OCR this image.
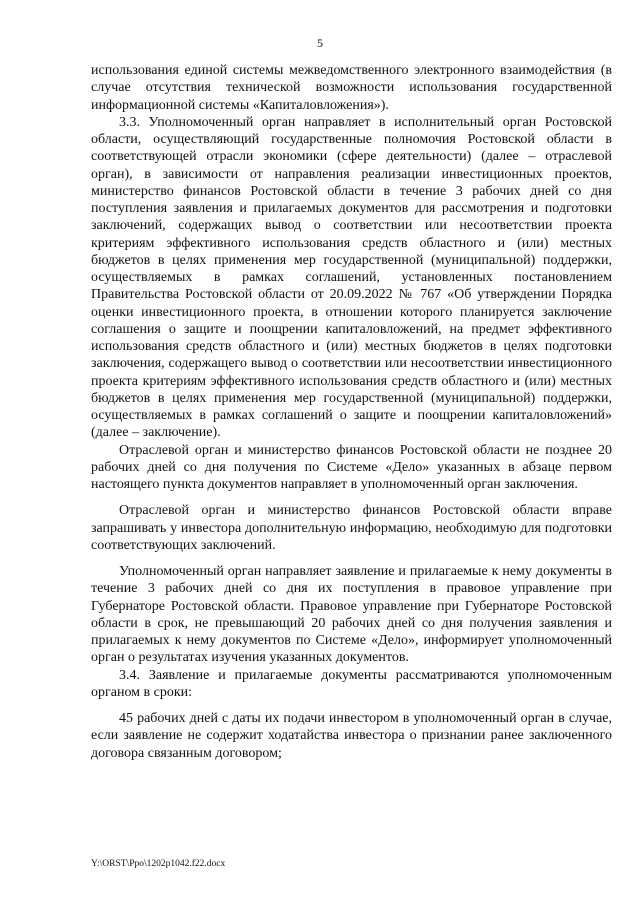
5

использования единой системы межведомственного электронного взаимодействия (в случае отсутствия технической возможности использования государственной информационной системы «Капиталовложения»).

3.3. Уполномоченный орган направляет в исполнительный орган Ростовской области, осуществляющий государственные полномочия Ростовской области в соответствующей отрасли экономики (сфере деятельности) (далее – отраслевой орган), в зависимости от направления реализации инвестиционных проектов, министерство финансов Ростовской области в течение 3 рабочих дней со дня поступления заявления и прилагаемых документов для рассмотрения и подготовки заключений, содержащих вывод о соответствии или несоответствии проекта критериям эффективного использования средств областного и (или) местных бюджетов в целях применения мер государственной (муниципальной) поддержки, осуществляемых в рамках соглашений, установленных постановлением Правительства Ростовской области от 20.09.2022 № 767 «Об утверждении Порядка оценки инвестиционного проекта, в отношении которого планируется заключение соглашения о защите и поощрении капиталовложений, на предмет эффективного использования средств областного и (или) местных бюджетов в целях подготовки заключения, содержащего вывод о соответствии или несоответствии инвестиционного проекта критериям эффективного использования средств областного и (или) местных бюджетов в целях применения мер государственной (муниципальной) поддержки, осуществляемых в рамках соглашений о защите и поощрении капиталовложений» (далее – заключение).

Отраслевой орган и министерство финансов Ростовской области не позднее 20 рабочих дней со дня получения по Системе «Дело» указанных в абзаце первом настоящего пункта документов направляет в уполномоченный орган заключения.

Отраслевой орган и министерство финансов Ростовской области вправе запрашивать у инвестора дополнительную информацию, необходимую для подготовки соответствующих заключений.

Уполномоченный орган направляет заявление и прилагаемые к нему документы в течение 3 рабочих дней со дня их поступления в правовое управление при Губернаторе Ростовской области. Правовое управление при Губернаторе Ростовской области в срок, не превышающий 20 рабочих дней со дня получения заявления и прилагаемых к нему документов по Системе «Дело», информирует уполномоченный орган о результатах изучения указанных документов.

3.4. Заявление и прилагаемые документы рассматриваются уполномоченным органом в сроки:

45 рабочих дней с даты их подачи инвестором в уполномоченный орган в случае, если заявление не содержит ходатайства инвестора о признании ранее заключенного договора связанным договором;

Y:\ORST\Ppo\1202p1042.f22.docx
